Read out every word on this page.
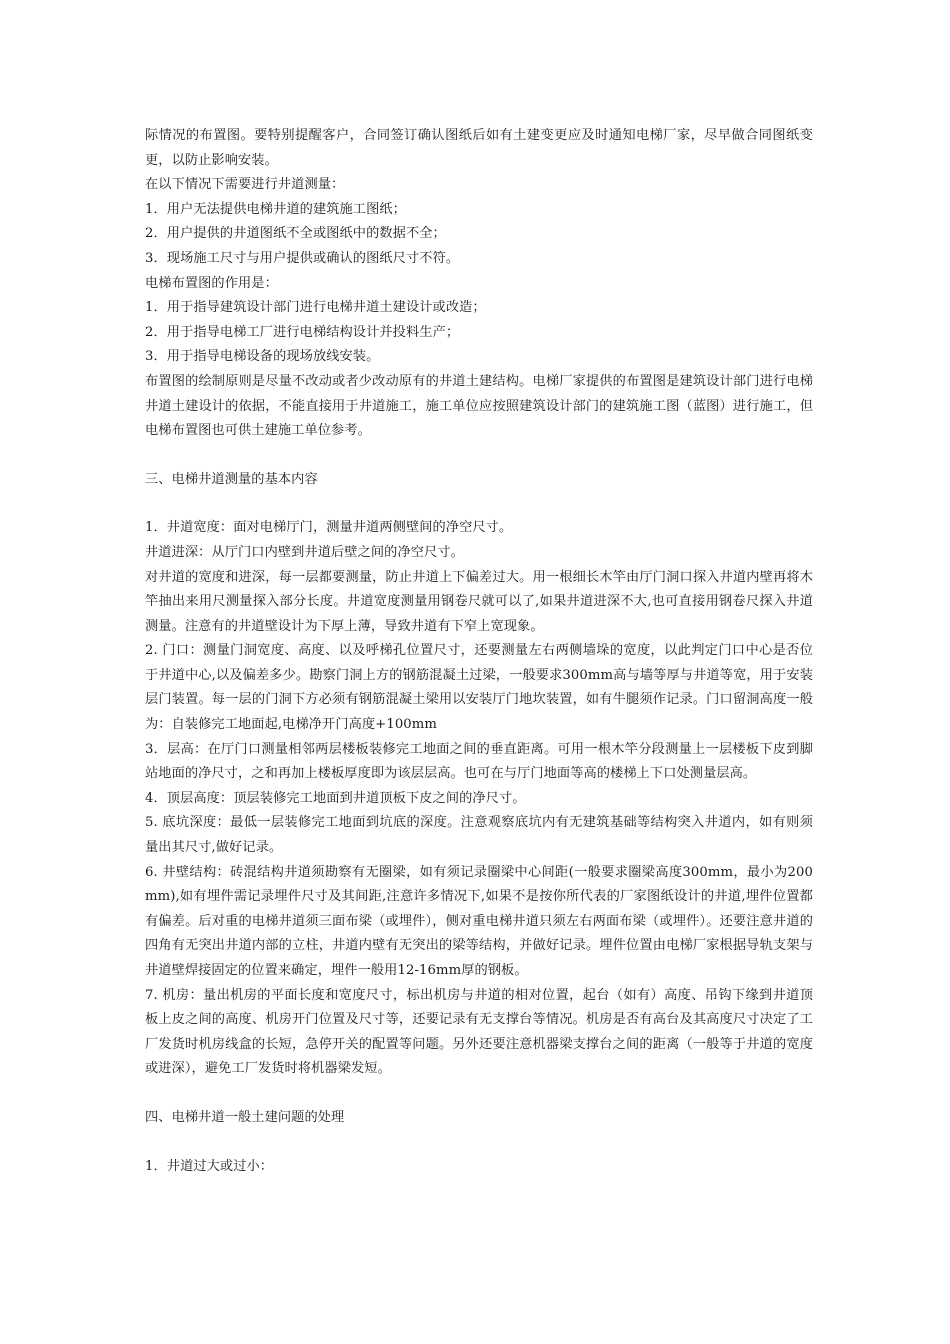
际情况的布置图。要特别提醒客户，合同签订确认图纸后如有土建变更应及时通知电梯厂家，尽早做合同图纸变更，以防止影响安装。

在以下情况下需要进行井道测量：

1．用户无法提供电梯井道的建筑施工图纸；

2．用户提供的井道图纸不全或图纸中的数据不全；

3．现场施工尺寸与用户提供或确认的图纸尺寸不符。

电梯布置图的作用是：

1．用于指导建筑设计部门进行电梯井道土建设计或改造；

2．用于指导电梯工厂进行电梯结构设计并投料生产；

3．用于指导电梯设备的现场放线安装。

布置图的绘制原则是尽量不改动或者少改动原有的井道土建结构。电梯厂家提供的布置图是建筑设计部门进行电梯井道土建设计的依据，不能直接用于井道施工，施工单位应按照建筑设计部门的建筑施工图（蓝图）进行施工，但电梯布置图也可供土建施工单位参考。

三、电梯井道测量的基本内容

1．井道宽度：面对电梯厅门，测量井道两侧壁间的净空尺寸。

井道进深：从厅门口内壁到井道后壁之间的净空尺寸。

对井道的宽度和进深，每一层都要测量，防止井道上下偏差过大。用一根细长木竿由厅门洞口探入井道内壁再将木竿抽出来用尺测量探入部分长度。井道宽度测量用钢卷尺就可以了,如果井道进深不大,也可直接用钢卷尺探入井道测量。注意有的井道壁设计为下厚上薄，导致井道有下窄上宽现象。

2. 门口：测量门洞宽度、高度、以及呼梯孔位置尺寸，还要测量左右两侧墙垛的宽度，以此判定门口中心是否位于井道中心,以及偏差多少。勘察门洞上方的钢筋混凝土过梁，一般要求300mm高与墙等厚与井道等宽，用于安装层门装置。每一层的门洞下方必须有钢筋混凝土梁用以安装厅门地坎装置，如有牛腿须作记录。门口留洞高度一般为：自装修完工地面起,电梯净开门高度+100mm

3．层高：在厅门口测量相邻两层楼板装修完工地面之间的垂直距离。可用一根木竿分段测量上一层楼板下皮到脚站地面的净尺寸，之和再加上楼板厚度即为该层层高。也可在与厅门地面等高的楼梯上下口处测量层高。

4．顶层高度：顶层装修完工地面到井道顶板下皮之间的净尺寸。

5. 底坑深度：最低一层装修完工地面到坑底的深度。注意观察底坑内有无建筑基础等结构突入井道内，如有则须量出其尺寸,做好记录。

6. 井壁结构：砖混结构井道须勘察有无圈梁，如有须记录圈梁中心间距(一般要求圈梁高度300mm，最小为200mm),如有埋件需记录埋件尺寸及其间距,注意许多情况下,如果不是按你所代表的厂家图纸设计的井道,埋件位置都有偏差。后对重的电梯井道须三面布梁（或埋件），侧对重电梯井道只须左右两面布梁（或埋件）。还要注意井道的四角有无突出井道内部的立柱，井道内壁有无突出的梁等结构，并做好记录。埋件位置由电梯厂家根据导轨支架与井道壁焊接固定的位置来确定，埋件一般用12-16mm厚的钢板。

7. 机房：量出机房的平面长度和宽度尺寸，标出机房与井道的相对位置，起台（如有）高度、吊钩下缘到井道顶板上皮之间的高度、机房开门位置及尺寸等，还要记录有无支撑台等情况。机房是否有高台及其高度尺寸决定了工厂发货时机房线盒的长短，急停开关的配置等问题。另外还要注意机器梁支撑台之间的距离（一般等于井道的宽度或进深），避免工厂发货时将机器梁发短。

四、电梯井道一般土建问题的处理

1．井道过大或过小：
